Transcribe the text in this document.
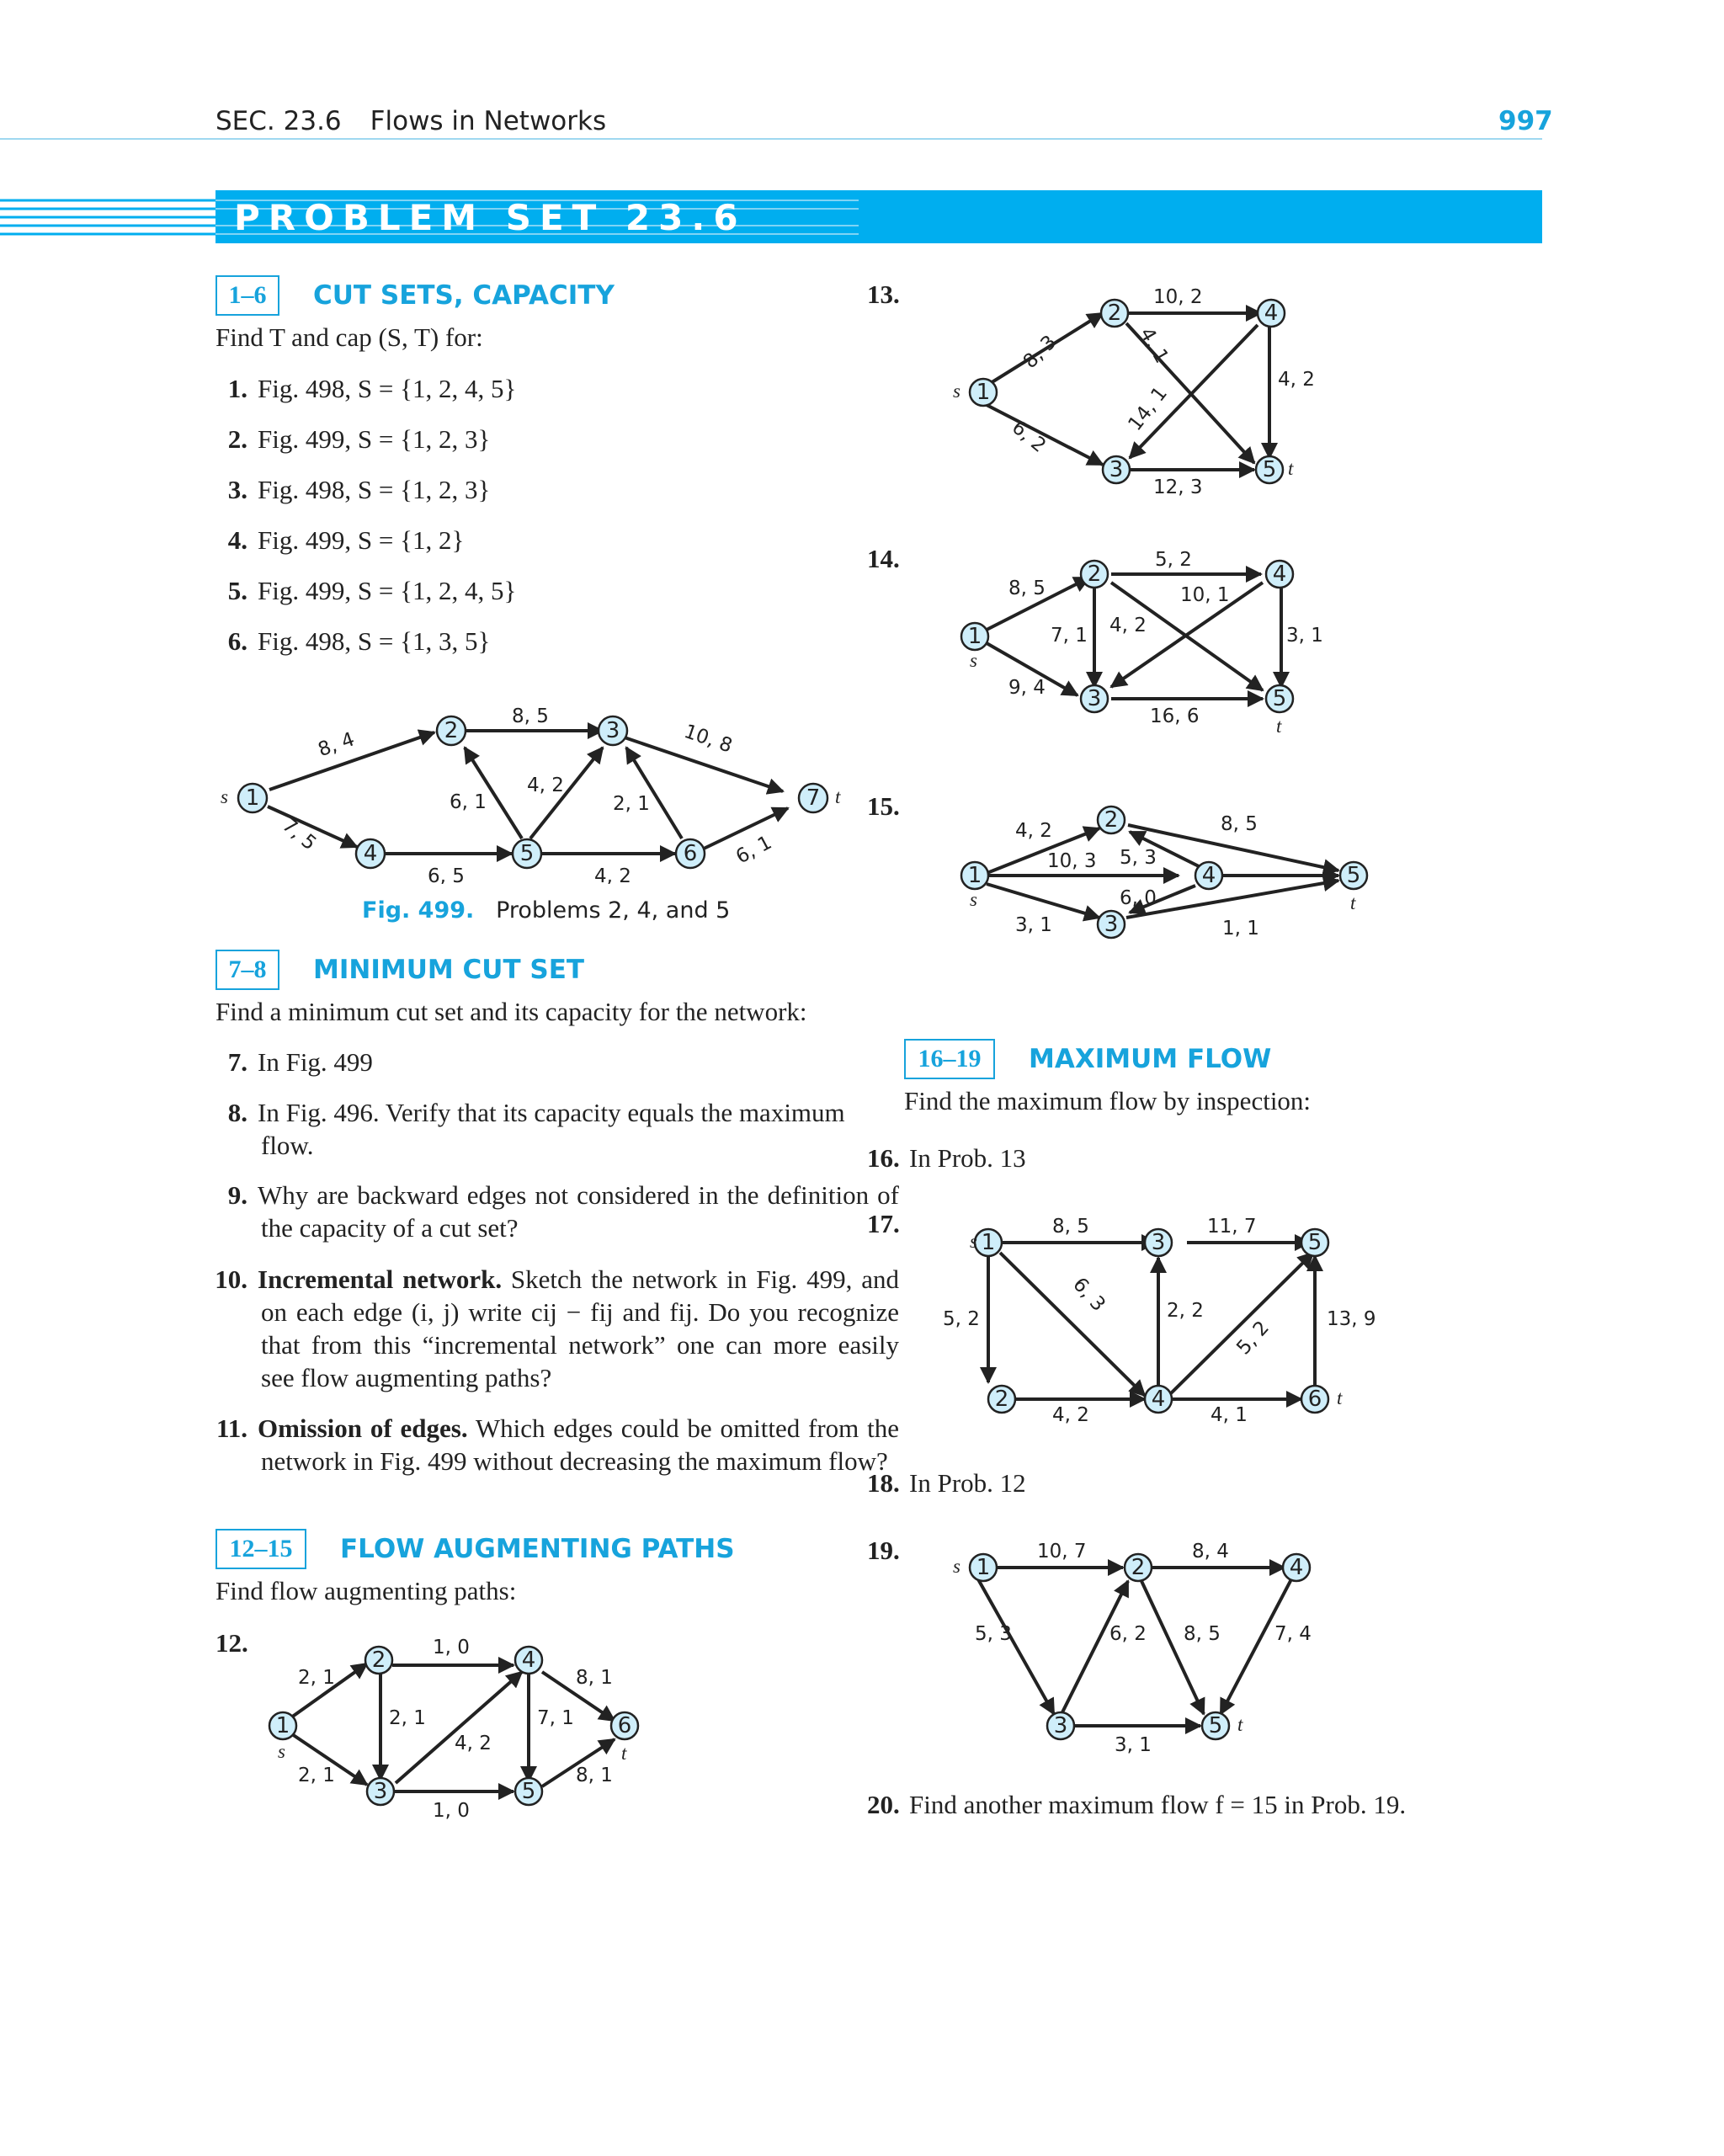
SEC. 23.6 Flows in Networks	997
PROBLEM SET 23.6
1–6	CUT SETS, CAPACITY
Find T and cap (S, T) for:
1. Fig. 498, S = {1, 2, 4, 5}
2. Fig. 499, S = {1, 2, 3}
3. Fig. 498, S = {1, 2, 3}
4. Fig. 499, S = {1, 2}
5. Fig. 499, S = {1, 2, 4, 5}
6. Fig. 498, S = {1, 3, 5}
1
2	3
4	5	6
7
s	t
8, 4
8, 5
10, 8
7, 5
6, 1
4, 2
2, 1
6, 5	4, 2
6, 1
Fig. 499. Problems 2, 4, and 5
7–8	MINIMUM CUT SET
Find a minimum cut set and its capacity for the network:
7. In Fig. 499
8. In Fig. 496. Verify that its capacity equals the maximum flow.
9. Why are backward edges not considered in the definition of the capacity of a cut set?
10. Incremental network. Sketch the network in Fig. 499, and on each edge (i, j) write cij − fij and fij. Do you recognize that from this “incremental network” one can more easily see flow augmenting paths?
11. Omission of edges. Which edges could be omitted from the network in Fig. 499 without decreasing the maximum flow?
12–15	FLOW AUGMENTING PATHS
Find flow augmenting paths:
12.
1
2
3
4
5
6
s	t
2, 1
1, 0
8, 1
2, 1
4, 2
7, 1
2, 1
1, 0
8, 1
13.
1
2
3
4
5
s
t
10, 2
8, 3	4, 1
4, 2
14, 1
6, 2
12, 3
14.
1
2
3
4
5
s
t
5, 2
8, 5	10, 1
7, 1 4, 2	3, 1
9, 4
16, 6
15.
1
2
3
4	5
s	t
4, 2	8, 5
10, 3 5, 3
6, 0
3, 1	1, 1
16–19	MAXIMUM FLOW
Find the maximum flow by inspection:
16. In Prob. 13
17.
1
2
3
4
5
6
s
t
8, 5	11, 7
6, 3
5, 2	2, 2
5, 2	13, 9
4, 2	4, 1
18. In Prob. 12
19.
1	2
3
4
5
s
t
10, 7	8, 4
5, 3	6, 2 8, 5	7, 4
3, 1
20. Find another maximum flow f = 15 in Prob. 19.
